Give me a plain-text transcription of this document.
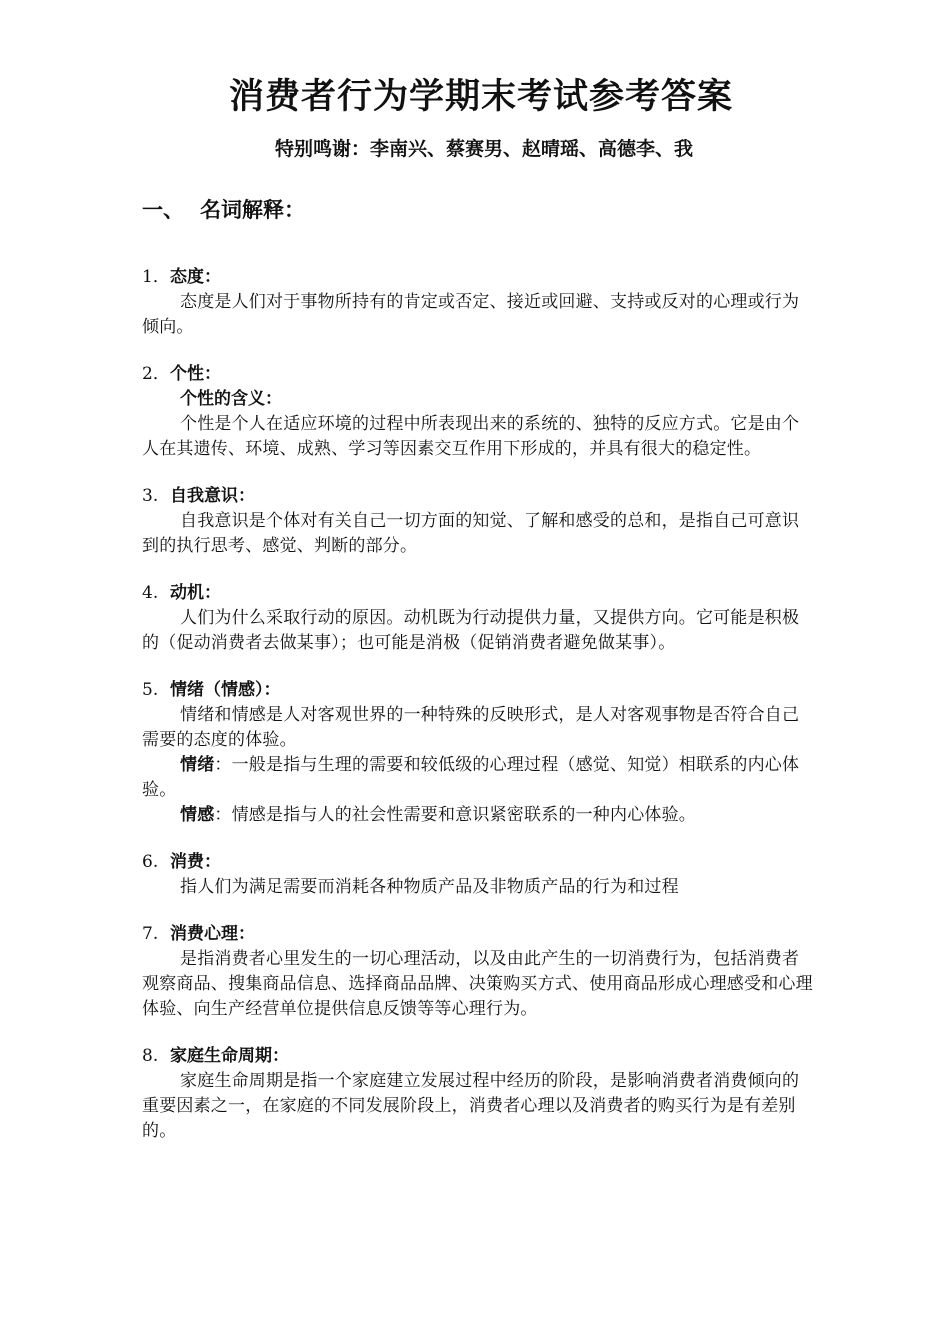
消费者行为学期末考试参考答案
特别鸣谢：李南兴、蔡赛男、赵晴瑶、高德李、我
一、 名词解释：
1．态度：

态度是人们对于事物所持有的肯定或否定、接近或回避、支持或反对的心理或行为倾向。

2．个性：
个性的含义：

个性是个人在适应环境的过程中所表现出来的系统的、独特的反应方式。它是由个人在其遗传、环境、成熟、学习等因素交互作用下形成的，并具有很大的稳定性。

3. 自我意识：

自我意识是个体对有关自己一切方面的知觉、了解和感受的总和，是指自己可意识到的执行思考、感觉、判断的部分。

4. 动机：

人们为什么采取行动的原因。动机既为行动提供力量，又提供方向。它可能是积极的（促动消费者去做某事）；也可能是消极（促销消费者避免做某事）。

5. 情绪（情感）：

情绪和情感是人对客观世界的一种特殊的反映形式，是人对客观事物是否符合自己需要的态度的体验。

情绪：一般是指与生理的需要和较低级的心理过程（感觉、知觉）相联系的内心体验。

情感：情感是指与人的社会性需要和意识紧密联系的一种内心体验。

6. 消费：

指人们为满足需要而消耗各种物质产品及非物质产品的行为和过程

7. 消费心理：

是指消费者心里发生的一切心理活动，以及由此产生的一切消费行为，包括消费者观察商品、搜集商品信息、选择商品品牌、决策购买方式、使用商品形成心理感受和心理体验、向生产经营单位提供信息反馈等等心理行为。

8. 家庭生命周期：

家庭生命周期是指一个家庭建立发展过程中经历的阶段，是影响消费者消费倾向的重要因素之一，在家庭的不同发展阶段上，消费者心理以及消费者的购买行为是有差别的。
